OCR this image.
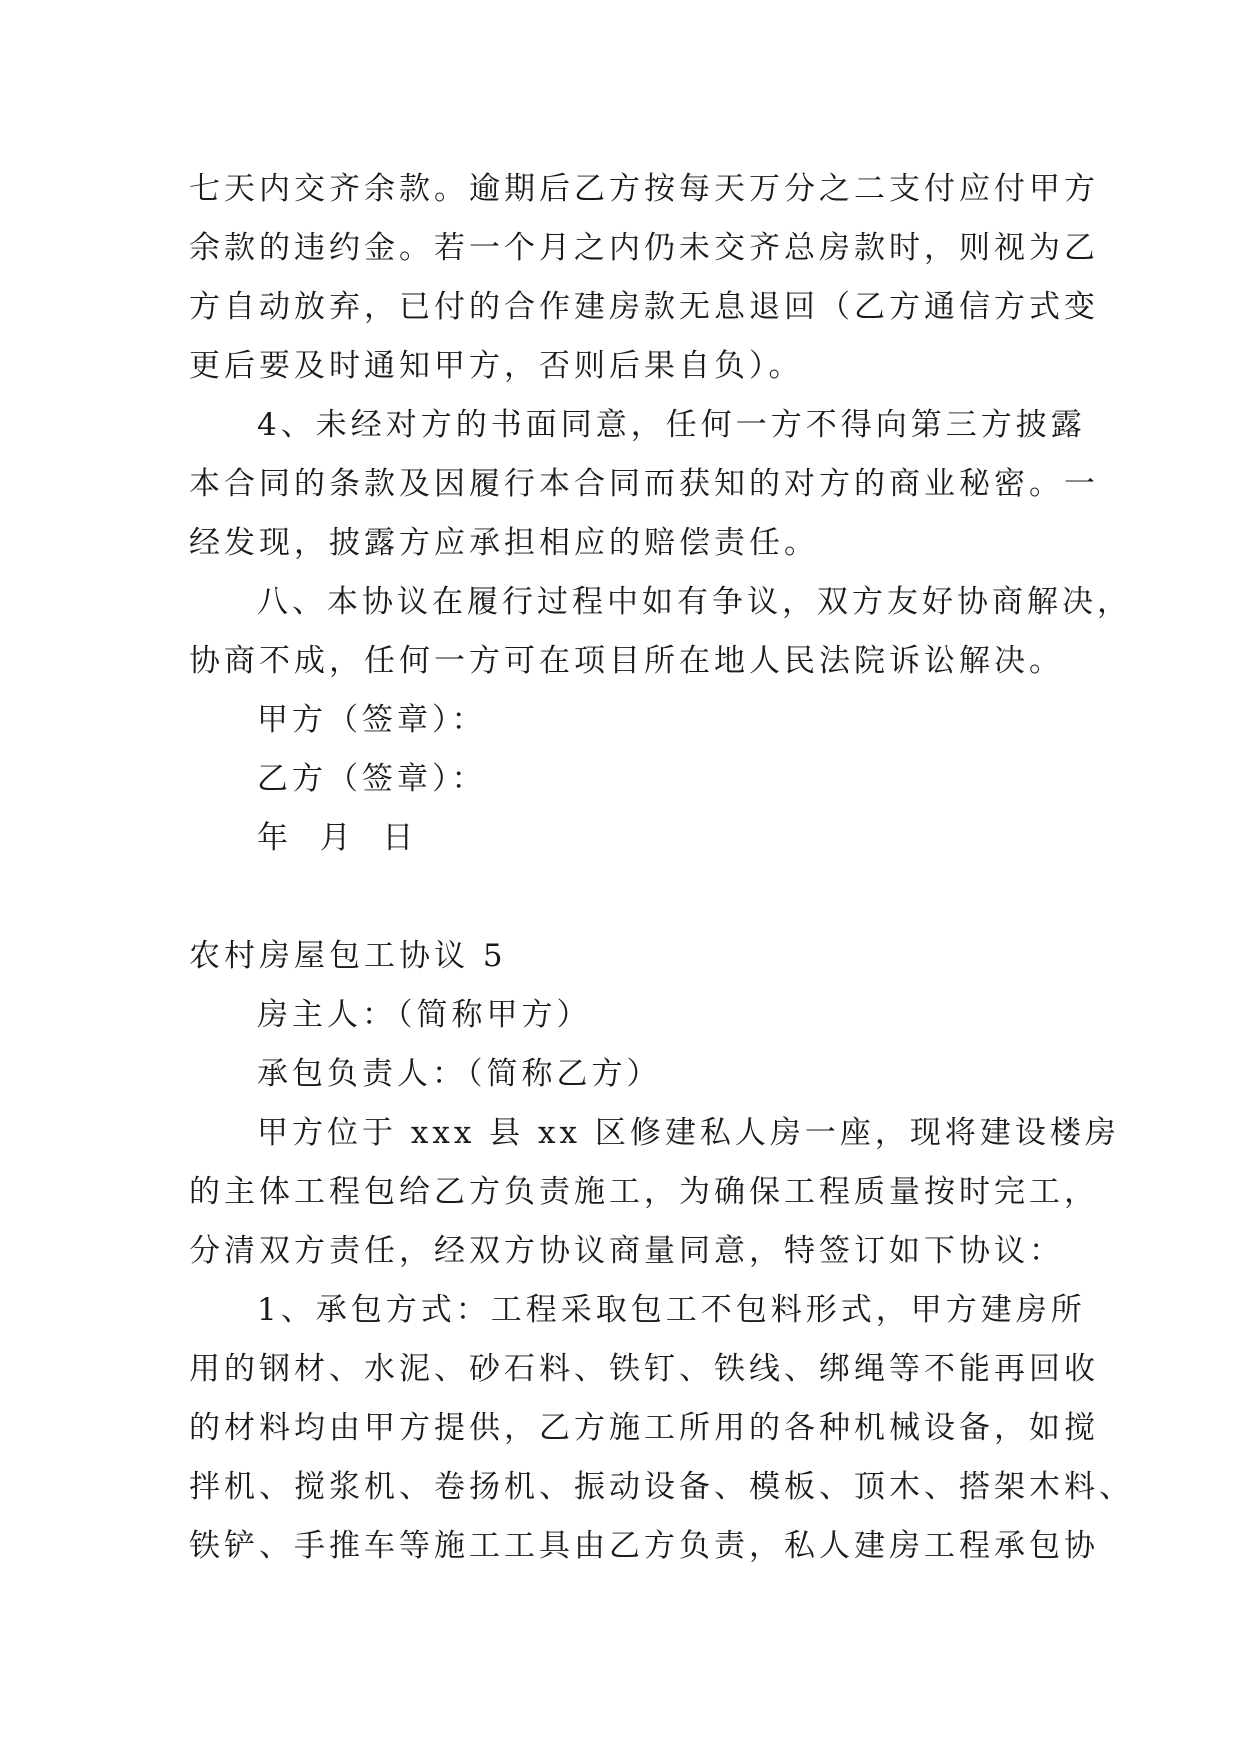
七天内交齐余款。逾期后乙方按每天万分之二支付应付甲方
余款的违约金。若一个月之内仍未交齐总房款时，则视为乙
方自动放弃，已付的合作建房款无息退回（乙方通信方式变
更后要及时通知甲方，否则后果自负）。
4、未经对方的书面同意，任何一方不得向第三方披露
本合同的条款及因履行本合同而获知的对方的商业秘密。一
经发现，披露方应承担相应的赔偿责任。
八、本协议在履行过程中如有争议，双方友好协商解决，
协商不成，任何一方可在项目所在地人民法院诉讼解决。
甲方（签章）：
乙方（签章）：
年  月  日
农村房屋包工协议 5
房主人：（简称甲方）
承包负责人：（简称乙方）
甲方位于 xxx 县 xx 区修建私人房一座，现将建设楼房
的主体工程包给乙方负责施工，为确保工程质量按时完工，
分清双方责任，经双方协议商量同意，特签订如下协议：
1、承包方式：工程采取包工不包料形式，甲方建房所
用的钢材、水泥、砂石料、铁钉、铁线、绑绳等不能再回收
的材料均由甲方提供，乙方施工所用的各种机械设备，如搅
拌机、搅浆机、卷扬机、振动设备、模板、顶木、搭架木料、
铁铲、手推车等施工工具由乙方负责，私人建房工程承包协
